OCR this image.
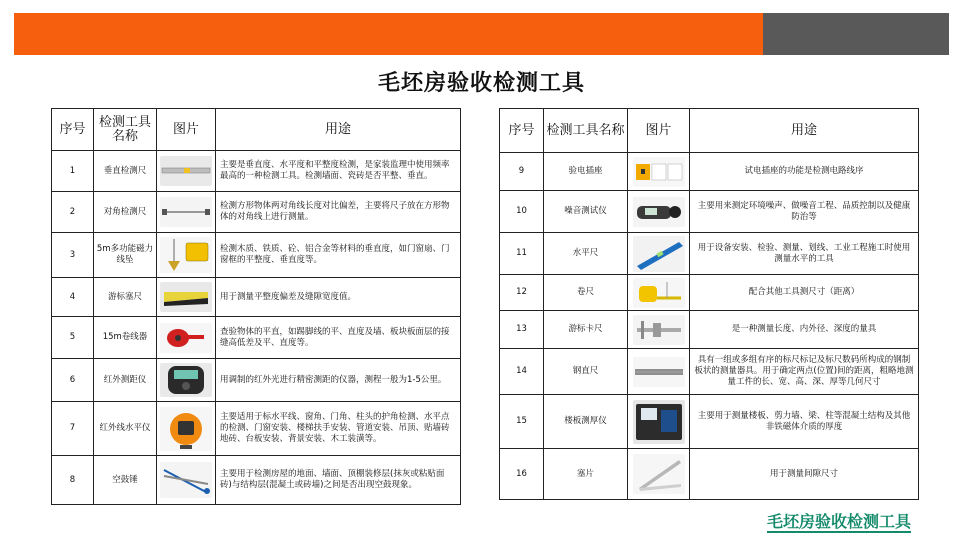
毛坯房验收检测工具
序号	检测工具名称	图片	用途
1	垂直检测尺		主要是垂直度、水平度和平整度检测，是家装监理中使用频率最高的一种检测工具。检测墙面、瓷砖是否平整、垂直。
2	对角检测尺		检测方形物体两对角线长度对比偏差，主要将尺子放在方形物体的对角线上进行测量。
3	5m多功能磁力线坠		检测木质、铁质、砼、铝合金等材料的垂直度，如门窗扇、门窗框的平整度、垂直度等。
4	游标塞尺		用于测量平整度偏差及缝隙宽度值。
5	15m卷线器		查验物体的平直，如踢脚线的平、直度及墙、板块板面层的接缝高低差及平、直度等。
6	红外测距仪		用调制的红外光进行精密测距的仪器，测程一般为1-5公里。
7	红外线水平仪		主要适用于标水平线、窗角、门角、柱头的护角检测、水平点的检测、门窗安装、楼梯扶手安装、管道安装、吊顶、贴墙砖地砖、台板安装、背景安装、木工装潢等。
8	空鼓锤		主要用于检测房屋的地面、墙面、顶棚装修层(抹灰或粘贴面砖)与结构层(混凝土或砖墙)之间是否出现空鼓现象。
序号	检测工具名称	图片	用途
9	验电插座		试电插座的功能是检测电路线序
10	噪音测试仪		主要用来测定环境噪声、做噪音工程、品质控制以及健康防治等
11	水平尺		用于设备安装、检验、测量、划线、工业工程施工时使用测量水平的工具
12	卷尺		配合其他工具测尺寸（距离）
13	游标卡尺		是一种测量长度、内外径、深度的量具
14	钢直尺		具有一组或多组有序的标尺标记及标尺数码所构成的钢制板状的测量器具。用于确定两点(位置)间的距离，粗略地测量工件的长、宽、高、深、厚等几何尺寸
15	楼板测厚仪		主要用于测量楼板、剪力墙、梁、柱等混凝土结构及其他非铁磁体介质的厚度
16	塞片		用于测量间隙尺寸
毛坯房验收检测工具
